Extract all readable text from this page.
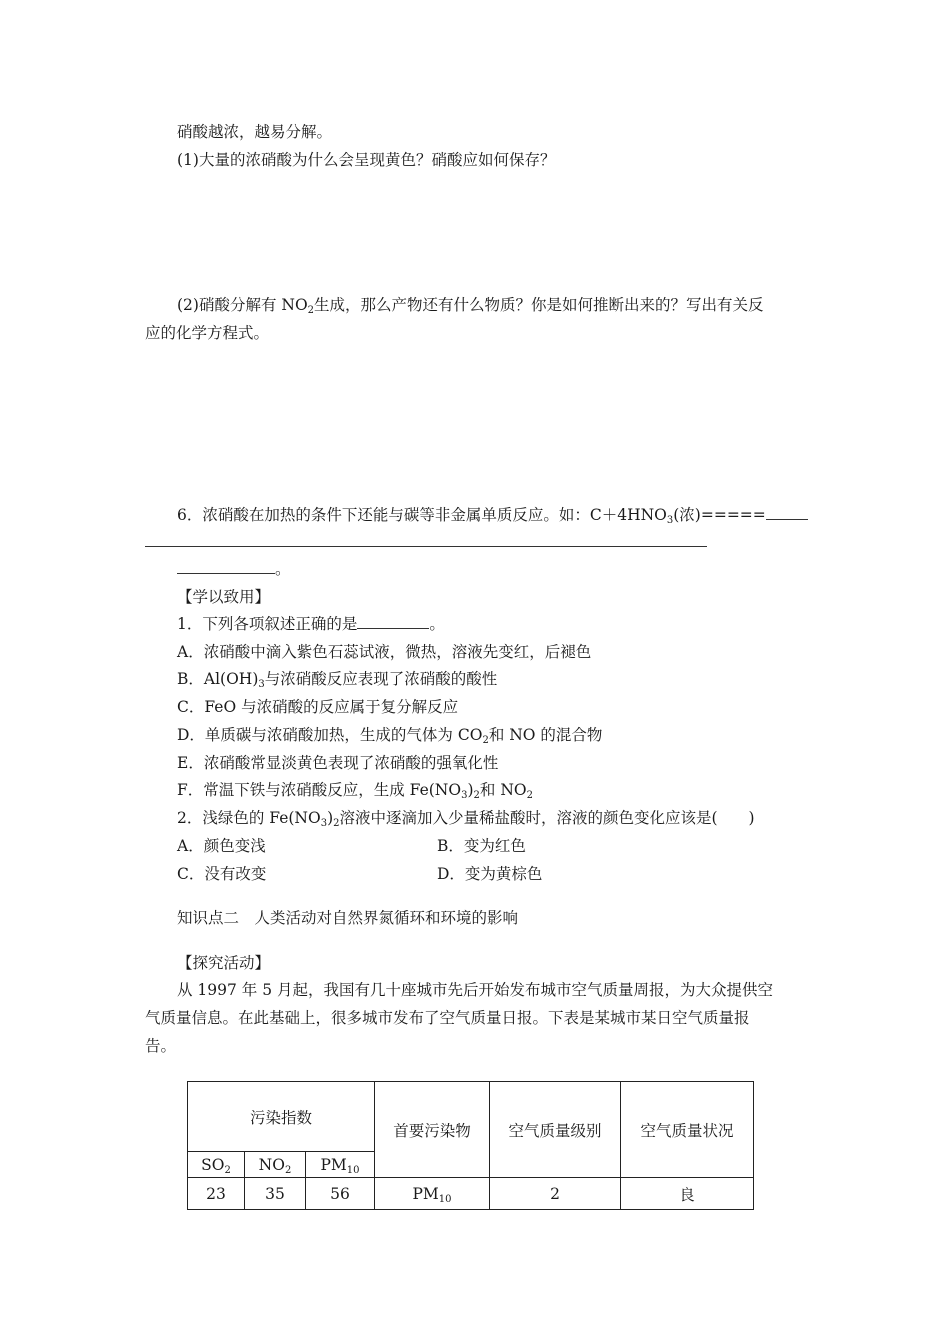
硝酸越浓，越易分解。
(1)大量的浓硝酸为什么会呈现黄色？硝酸应如何保存？
(2)硝酸分解有 $NO_2$生成，那么产物还有什么物质？你是如何推断出来的？写出有关反
应的化学方程式。
6．浓硝酸在加热的条件下还能与碳等非金属单质反应。如：$C+4HNO_3$(浓)=====
。
【学以致用】
1．下列各项叙述正确的是	。
A．浓硝酸中滴入紫色石蕊试液，微热，溶液先变红，后褪色
B．$Al(OH)_3$与浓硝酸反应表现了浓硝酸的酸性
C．FeO 与浓硝酸的反应属于复分解反应
D．单质碳与浓硝酸加热，生成的气体为 $CO_2$和 NO 的混合物
E．浓硝酸常显淡黄色表现了浓硝酸的强氧化性
F．常温下铁与浓硝酸反应，生成 $Fe(NO_3)_2$和 $NO_2$
2．浅绿色的 $Fe(NO_3)_2$溶液中逐滴加入少量稀盐酸时，溶液的颜色变化应该是(　　)
A．颜色变浅	B．变为红色
C．没有改变	D．变为黄棕色
知识点二　人类活动对自然界氮循环和环境的影响
【探究活动】
从 1997 年 5 月起，我国有几十座城市先后开始发布城市空气质量周报，为大众提供空
气质量信息。在此基础上，很多城市发布了空气质量日报。下表是某城市某日空气质量报
告。
污染指数			首要污染物	空气质量级别	空气质量状况
$SO_2$	$NO_2$	$PM_{10}$
23	35	56	$PM_{10}$	2	良
